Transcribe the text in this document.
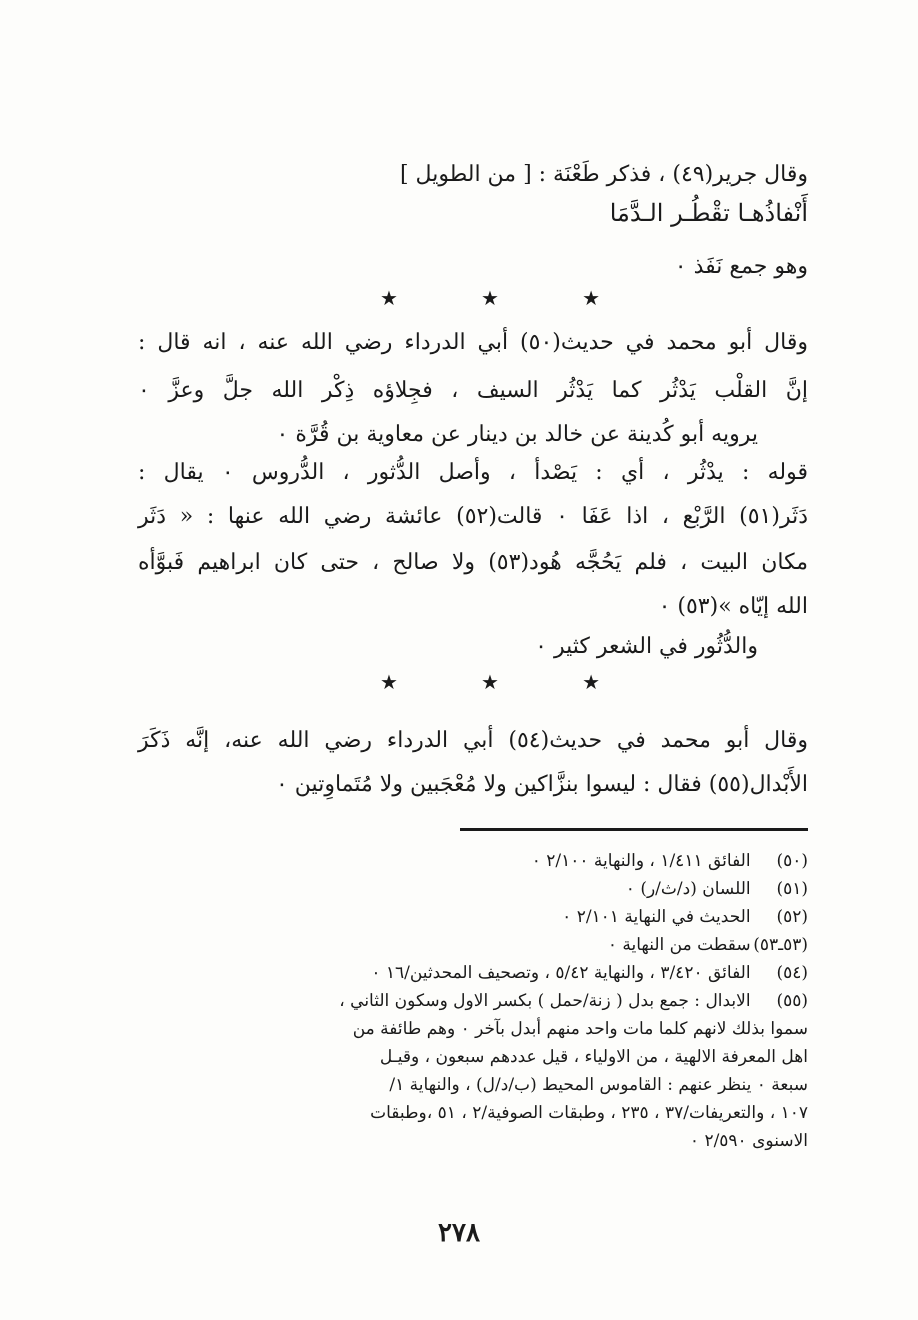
وقال جرير(٤٩) ، فذكر طَعْنَة : [ من الطويل ]
أَنْفاذُهـا تقْطُـر الـدَّمَا
وهو جمع نَفَذ ٠
★	★	★
وقال أبو محمد في حديث(٥٠) أبي الدرداء رضي الله عنه ، انه قال :
إنَّ القلْب يَدْثُر كما يَدْثُر السيف ، فجِلاؤه ذِكْر الله جلَّ وعزَّ ٠
يرويه أبو كُدينة عن خالد بن دينار عن معاوية بن قُرَّة ٠
قوله : يدْثُر ، أي : يَصْدأ ، وأصل الدُّثور ، الدُّروس ٠ يقال :
دَثَر(٥١) الرَّبْع ، اذا عَفَا ٠ قالت(٥٢) عائشة رضي الله عنها : « دَثَر
مكان البيت ، فلم يَحُجَّه هُود(٥٣) ولا صالح ، حتى كان ابراهيم فَبوَّأه
الله إيّاه »(٥٣) ٠
والدُّثُور في الشعر كثير ٠
★	★	★
وقال أبو محمد في حديث(٥٤) أبي الدرداء رضي الله عنه، إنَّه ذَكَرَ
الأَبْدال(٥٥) فقال : ليسوا بنزَّاكين ولا مُعْجَبين ولا مُتَماوِتين ٠
(٥٠) الفائق ١/٤١١ ، والنهاية ٢/١٠٠ ٠
(٥١) اللسان (د/ث/ر) ٠
(٥٢) الحديث في النهاية ٢/١٠١ ٠
(٥٣ـ٥٣) سقطت من النهاية ٠
(٥٤) الفائق ٣/٤٢٠ ، والنهاية ٥/٤٢ ، وتصحيف المحدثين/١٦ ٠
(٥٥) الابدال : جمع بدل ( زنة/حمل ) بكسر الاول وسكون الثاني ،
سموا بذلك لانهم كلما مات واحد منهم أبدل بآخر ٠ وهم طائفة من
اهل المعرفة الالهية ، من الاولياء ، قيل عددهم سبعون ، وقيـل
سبعة ٠ ينظر عنهم : القاموس المحيط (ب/د/ل) ، والنهاية ١/
١٠٧ ، والتعريفات/٣٧ ، ٢٣٥ ، وطبقات الصوفية/٢ ، ٥١ ،وطبقات
الاسنوى ٢/٥٩٠ ٠
٢٧٨
